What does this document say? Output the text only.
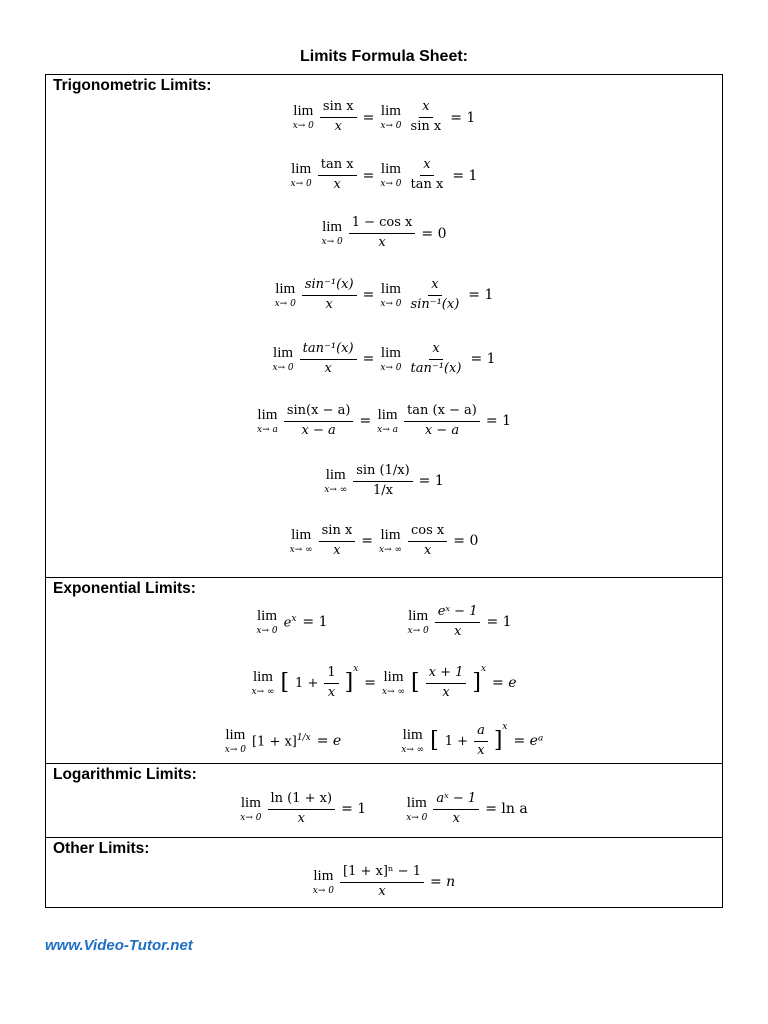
Limits Formula Sheet:
Trigonometric Limits:
lim
$x\to 0 \frac{\text{sin x}}{x} = \lim$
$x\to 0 \frac{x}{\text{sin x}} = 1$
lim
$x\to 0 \frac{\text{tan x}}{x} = \lim$
$x\to 0 \frac{x}{\text{tan x}} = 1$
lim
$x\to 0 \frac{\text{1 − cos x}}{x} = 0$
lim
$x\to 0 \frac{\text{sin⁻¹(x)}}{x} = \lim$
$x\to 0 \frac{x}{\text{sin⁻¹(x)}} = 1$
lim
$x\to 0 \frac{\text{tan⁻¹(x)}}{x} = \lim$
$x\to 0 \frac{x}{\text{tan⁻¹(x)}} = 1$
lim
x→ a $\frac{\sin(x - a)}{x - a} = \lim$
x→ a $\frac{\tan (x - a)}{x - a} = 1$
lim
x→ ∞ $\frac{\sin (1/x)}{1/x} = 1$
lim
x→ ∞ $\frac{\text{sin x}}{x} = \lim$
x→ ∞ $\frac{\text{cos x}}{x} = 0$
Exponential Limits:
lim
x→ 0
$e^x = 1$	lim
$x\to 0 \frac{\text{eˣ − 1}}{x} = 1$
lim
x→ ∞ [ $1 + \frac{1}{x}$ ]
x
= lim
x→ ∞ [ $\frac{x + 1}{x}$ ]
x
= e
lim
x→ 0
$[1 + x]^{1/x} = e$	lim
x→ ∞ [ $1 + \frac{a}{x}$ ]
x
= eᵃ
Logarithmic Limits:
lim
$x\to 0 \frac{\ln (1 + x)}{x} = 1$	lim
$x\to 0 \frac{\text{aˣ − 1}}{x} = \ln a$
Other Limits:
lim
$x\to 0 \frac{\text{[1 + x]ⁿ − 1}}{x} = n$
www.Video-Tutor.net
